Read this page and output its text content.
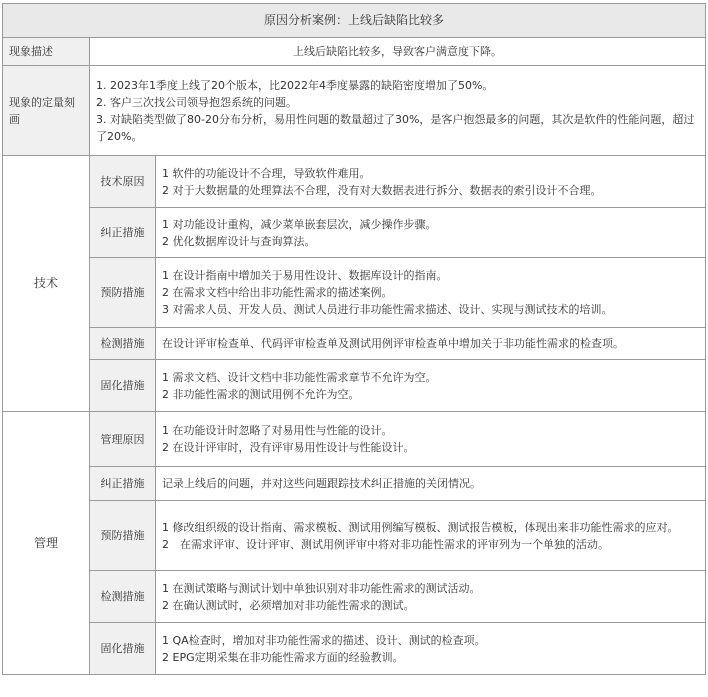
原因分析案例：上线后缺陷比较多		
现象描述	上线后缺陷比较多，导致客户满意度下降。	
现象的定量刻画	1. 2023年1季度上线了20个版本，比2022年4季度暴露的缺陷密度增加了50%。
2. 客户三次找公司领导抱怨系统的问题。
3. 对缺陷类型做了80-20分布分析，易用性问题的数量超过了30%，是客户抱怨最多的问题，其次是软件的性能问题，超过了20%。	

技术	技术原因	1 软件的功能设计不合理，导致软件难用。
2 对于大数据量的处理算法不合理，没有对大数据表进行拆分、数据表的索引设计不合理。

	纠正措施	1 对功能设计重构，减少菜单嵌套层次，减少操作步骤。
2 优化数据库设计与查询算法。

	预防措施	1 在设计指南中增加关于易用性设计、数据库设计的指南。
2 在需求文档中给出非功能性需求的描述案例。
3 对需求人员、开发人员、测试人员进行非功能性需求描述、设计、实现与测试技术的培训。

	检测措施	在设计评审检查单、代码评审检查单及测试用例评审检查单中增加关于非功能性需求的检查项。

	固化措施	1 需求文档、设计文档中非功能性需求章节不允许为空。
2 非功能性需求的测试用例不允许为空。

管理	管理原因	1 在功能设计时忽略了对易用性与性能的设计。
2 在设计评审时，没有评审易用性设计与性能设计。

	纠正措施	记录上线后的问题，并对这些问题跟踪技术纠正措施的关闭情况。

	预防措施	1 修改组织级的设计指南、需求模板、测试用例编写模板、测试报告模板，体现出来非功能性需求的应对。
2　在需求评审、设计评审、测试用例评审中将对非功能性需求的评审列为一个单独的活动。

	检测措施	1 在测试策略与测试计划中单独识别对非功能性需求的测试活动。
2 在确认测试时，必须增加对非功能性需求的测试。

	固化措施	1 QA检查时，增加对非功能性需求的描述、设计、测试的检查项。
2 EPG定期采集在非功能性需求方面的经验教训。
